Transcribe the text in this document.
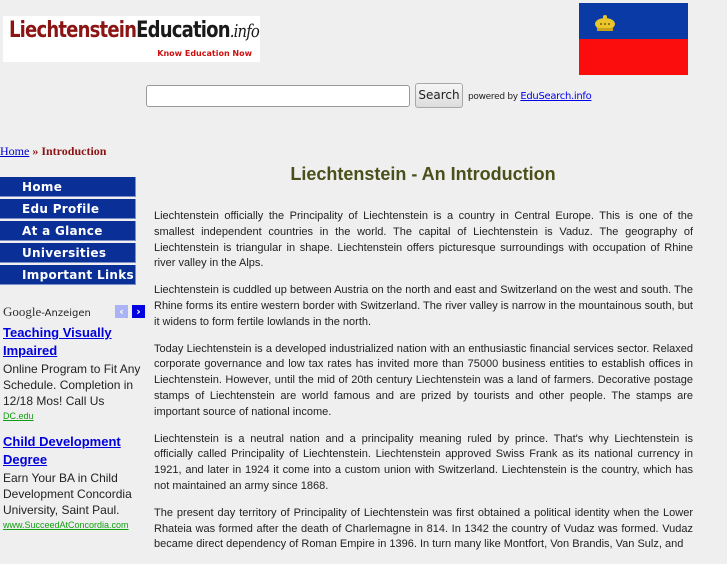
LiechtensteinEducation.info
Know Education Now
Search powered by EduSearch.info
Home » Introduction
Home
Edu Profile
At a Glance
Universities
Important Links
Google-Anzeigen	‹	›
Teaching Visually Impaired
Online Program to Fit Any Schedule. Completion in 12/18 Mos! Call Us
DC.edu
Child Development Degree
Earn Your BA in Child Development Concordia University, Saint Paul.
www.SucceedAtConcordia.com
Liechtenstein - An Introduction

Liechtenstein officially the Principality of Liechtenstein is a country in Central Europe. This is one of the smallest independent countries in the world. The capital of Liechtenstein is Vaduz. The geography of Liechtenstein is triangular in shape. Liechtenstein offers picturesque surroundings with occupation of Rhine river valley in the Alps.

Liechtenstein is cuddled up between Austria on the north and east and Switzerland on the west and south. The Rhine forms its entire western border with Switzerland. The river valley is narrow in the mountainous south, but it widens to form fertile lowlands in the north.

Today Liechtenstein is a developed industrialized nation with an enthusiastic financial services sector. Relaxed corporate governance and low tax rates has invited more than 75000 business entities to establish offices in Liechtenstein. However, until the mid of 20th century Liechtenstein was a land of farmers. Decorative postage stamps of Liechtenstein are world famous and are prized by tourists and other people. The stamps are important source of national income.

Liechtenstein is a neutral nation and a principality meaning ruled by prince. That's why Liechtenstein is officially called Principality of Liechtenstein. Liechtenstein approved Swiss Frank as its national currency in 1921, and later in 1924 it come into a custom union with Switzerland. Liechtenstein is the country, which has not maintained an army since 1868.

The present day territory of Principality of Liechtenstein was first obtained a political identity when the Lower Rhateia was formed after the death of Charlemagne in 814. In 1342 the country of Vudaz was formed. Vudaz became direct dependency of Roman Empire in 1396. In turn many like Montfort, Von Brandis, Van Sulz, and
